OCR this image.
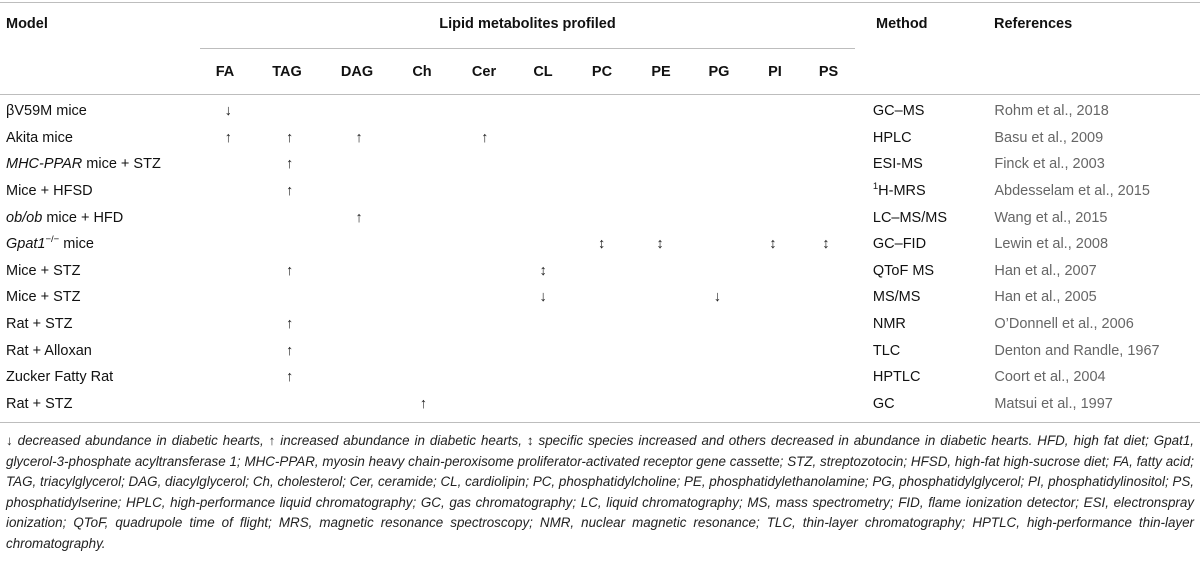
Model	Lipid metabolites profiled	Method	References
FA	TAG	DAG	Ch	Cer	CL	PC	PE	PG	PI	PS
βV59M mice	↓												GC–MS	Rohm et al., 2018
Akita mice	↑	↑	↑		↑								HPLC	Basu et al., 2009
MHC-PPAR mice + STZ		↑											ESI-MS	Finck et al., 2003
Mice + HFSD		↑											$^1$H-MRS	Abdesselam et al., 2015
ob/ob mice + HFD			↑										LC–MS/MS	Wang et al., 2015
Gpat1−/− mice							↕	↕		↕	↕		GC–FID	Lewin et al., 2008
Mice + STZ		↑				↕							QToF MS	Han et al., 2007
Mice + STZ						↓			↓				MS/MS	Han et al., 2005
Rat + STZ		↑											NMR	O’Donnell et al., 2006
Rat + Alloxan		↑											TLC	Denton and Randle, 1967
Zucker Fatty Rat		↑											HPTLC	Coort et al., 2004
Rat + STZ				↑									GC	Matsui et al., 1997

↓ decreased abundance in diabetic hearts, ↑ increased abundance in diabetic hearts, ↕ specific species increased and others decreased in abundance in diabetic hearts. HFD, high fat diet; Gpat1, glycerol-3-phosphate acyltransferase 1; MHC-PPAR, myosin heavy chain-peroxisome proliferator-activated receptor gene cassette; STZ, streptozotocin; HFSD, high-fat high-sucrose diet; FA, fatty acid; TAG, triacylglycerol; DAG, diacylglycerol; Ch, cholesterol; Cer, ceramide; CL, cardiolipin; PC, phosphatidylcholine; PE, phosphatidylethanolamine; PG, phosphatidylglycerol; PI, phosphatidylinositol; PS, phosphatidylserine; HPLC, high-performance liquid chromatography; GC, gas chromatography; LC, liquid chromatography; MS, mass spectrometry; FID, flame ionization detector; ESI, electronspray ionization; QToF, quadrupole time of flight; MRS, magnetic resonance spectroscopy; NMR, nuclear magnetic resonance; TLC, thin-layer chromatography; HPTLC, high-performance thin-layer chromatography.
